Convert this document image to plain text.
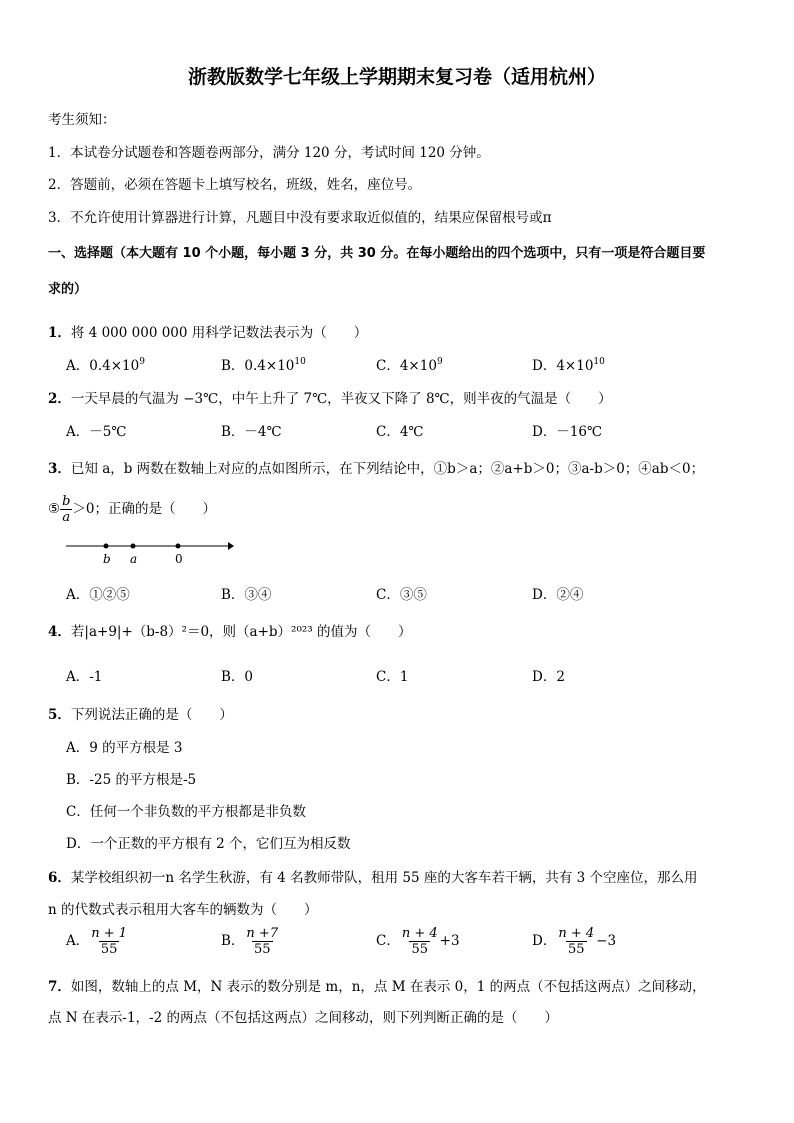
浙教版数学七年级上学期期末复习卷（适用杭州）
考生须知：
1．本试卷分试题卷和答题卷两部分，满分 120 分，考试时间 120 分钟。
2．答题前，必须在答题卡上填写校名，班级，姓名，座位号。
3．不允许使用计算器进行计算，凡题目中没有要求取近似值的，结果应保留根号或π
一、选择题（本大题有 10 个小题，每小题 3 分，共 30 分。在每小题给出的四个选项中，只有一项是符合题目要
求的）
1．将 4 000 000 000 用科学记数法表示为（　　）
A．$0.4\times 10^9$	B．$0.4\times 10^{10}$	C．$4\times 10^9$	D．$4\times 10^{10}$
2．一天早晨的气温为 −3℃，中午上升了 7℃，半夜又下降了 8℃，则半夜的气温是（　　）
A．－5℃	B．－4℃	C．4℃	D．－16℃
3．已知 a，b 两数在数轴上对应的点如图所示，在下列结论中，①b＞a；②a+b＞0；③a-b＞0；④ab＜0；
⑤ $\frac{b}{a} >0$；正确的是（　　）
b a	0
A．①②⑤	B．③④	C．③⑤	D．②④
4．若|a+9|+（b-8）²＝0，则（a+b）²⁰²³ 的值为（　　）
A．-1	B．0	C．1	D．2
5．下列说法正确的是（　　）
A．9 的平方根是 3
B．-25 的平方根是-5
C．任何一个非负数的平方根都是非负数
D．一个正数的平方根有 2 个，它们互为相反数
6．某学校组织初一n 名学生秋游，有 4 名教师带队，租用 55 座的大客车若干辆，共有 3 个空座位，那么用
n 的代数式表示租用大客车的辆数为（　　）
A． $\frac{n + 1}{55}$	B． $\frac{n +7}{55}$	C． $\frac{n + 4}{55} +3$	D． $\frac{n + 4}{55} -3$
7．如图，数轴上的点 M，N 表示的数分别是 m，n，点 M 在表示 0，1 的两点（不包括这两点）之间移动，
点 N 在表示-1，-2 的两点（不包括这两点）之间移动，则下列判断正确的是（　　）
